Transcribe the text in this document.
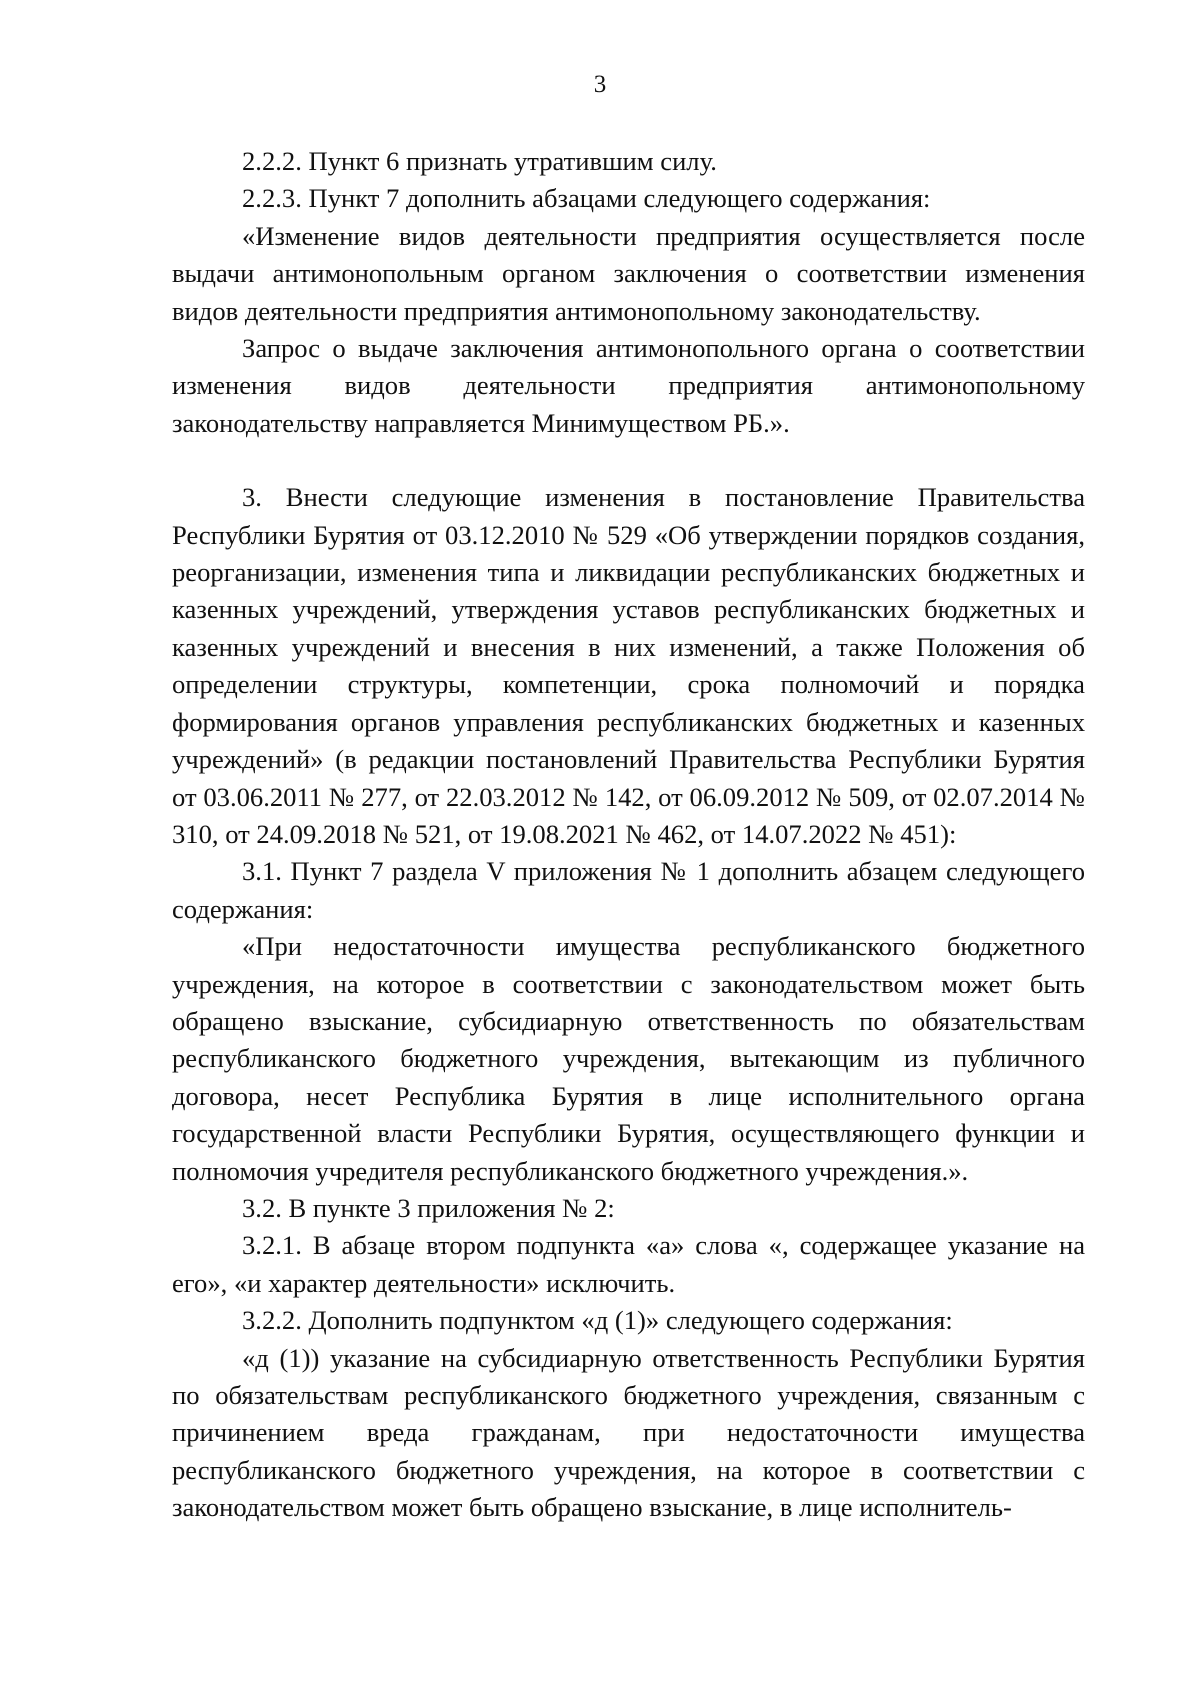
3

2.2.2. Пункт 6 признать утратившим силу.

2.2.3. Пункт 7 дополнить абзацами следующего содержания:

«Изменение видов деятельности предприятия осуществляется после выдачи антимонопольным органом заключения о соответствии изменения видов деятельности предприятия антимонопольному законодательству.

Запрос о выдаче заключения антимонопольного органа о соответствии изменения видов деятельности предприятия антимонопольному законодательству направляется Минимуществом РБ.».

3. Внести следующие изменения в постановление Правительства Республики Бурятия от 03.12.2010 № 529 «Об утверждении порядков создания, реорганизации, изменения типа и ликвидации республиканских бюджетных и казенных учреждений, утверждения уставов республиканских бюджетных и казенных учреждений и внесения в них изменений, а также Положения об определении структуры, компетенции, срока полномочий и порядка формирования органов управления республиканских бюджетных и казенных учреждений» (в редакции постановлений Правительства Республики Бурятия от 03.06.2011 № 277, от 22.03.2012 № 142, от 06.09.2012 № 509, от 02.07.2014 № 310, от 24.09.2018 № 521, от 19.08.2021 № 462, от 14.07.2022 № 451):

3.1. Пункт 7 раздела V приложения № 1 дополнить абзацем следующего содержания:

«При недостаточности имущества республиканского бюджетного учреждения, на которое в соответствии с законодательством может быть обращено взыскание, субсидиарную ответственность по обязательствам республиканского бюджетного учреждения, вытекающим из публичного договора, несет Республика Бурятия в лице исполнительного органа государственной власти Республики Бурятия, осуществляющего функции и полномочия учредителя республиканского бюджетного учреждения.».

3.2. В пункте 3 приложения № 2:

3.2.1. В абзаце втором подпункта «а» слова «, содержащее указание на его», «и характер деятельности» исключить.

3.2.2. Дополнить подпунктом «д (1)» следующего содержания:

«д (1)) указание на субсидиарную ответственность Республики Бурятия по обязательствам республиканского бюджетного учреждения, связанным с причинением вреда гражданам, при недостаточности имущества республиканского бюджетного учреждения, на которое в соответствии с законодательством может быть обращено взыскание, в лице исполнитель-
